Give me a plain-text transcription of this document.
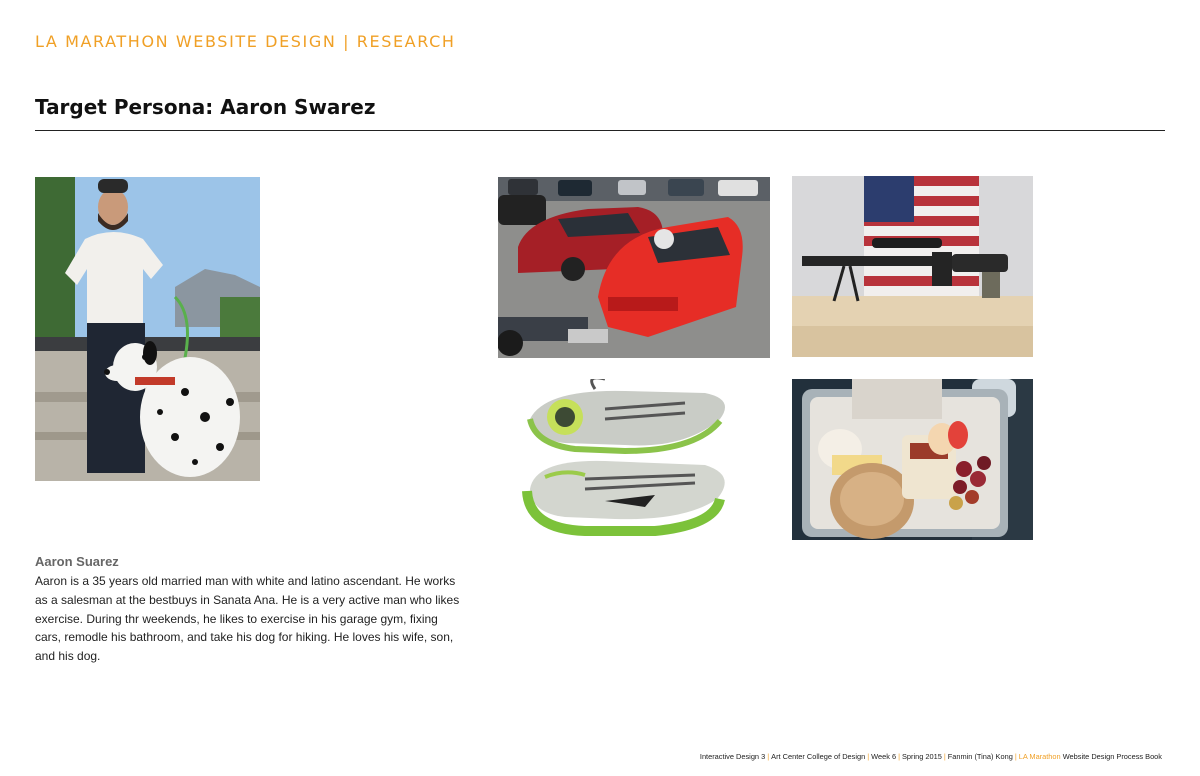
LA MARATHON WEBSITE DESIGN | RESEARCH
Target Persona: Aaron Swarez
Aaron Suarez
Aaron is a 35 years old married man with white and latino ascendant. He works as a salesman at the bestbuys in Sanata Ana. He is a very active man who likes exercise. During thr weekends, he likes to exercise in his garage gym, fixing cars, remodle his bathroom, and take his dog for hiking. He loves his wife, son, and his dog.
Interactive Design 3 | Art Center College of Design | Week 6 | Spring 2015 | Fanmin (Tina) Kong | LA Marathon Website Design Process Book
